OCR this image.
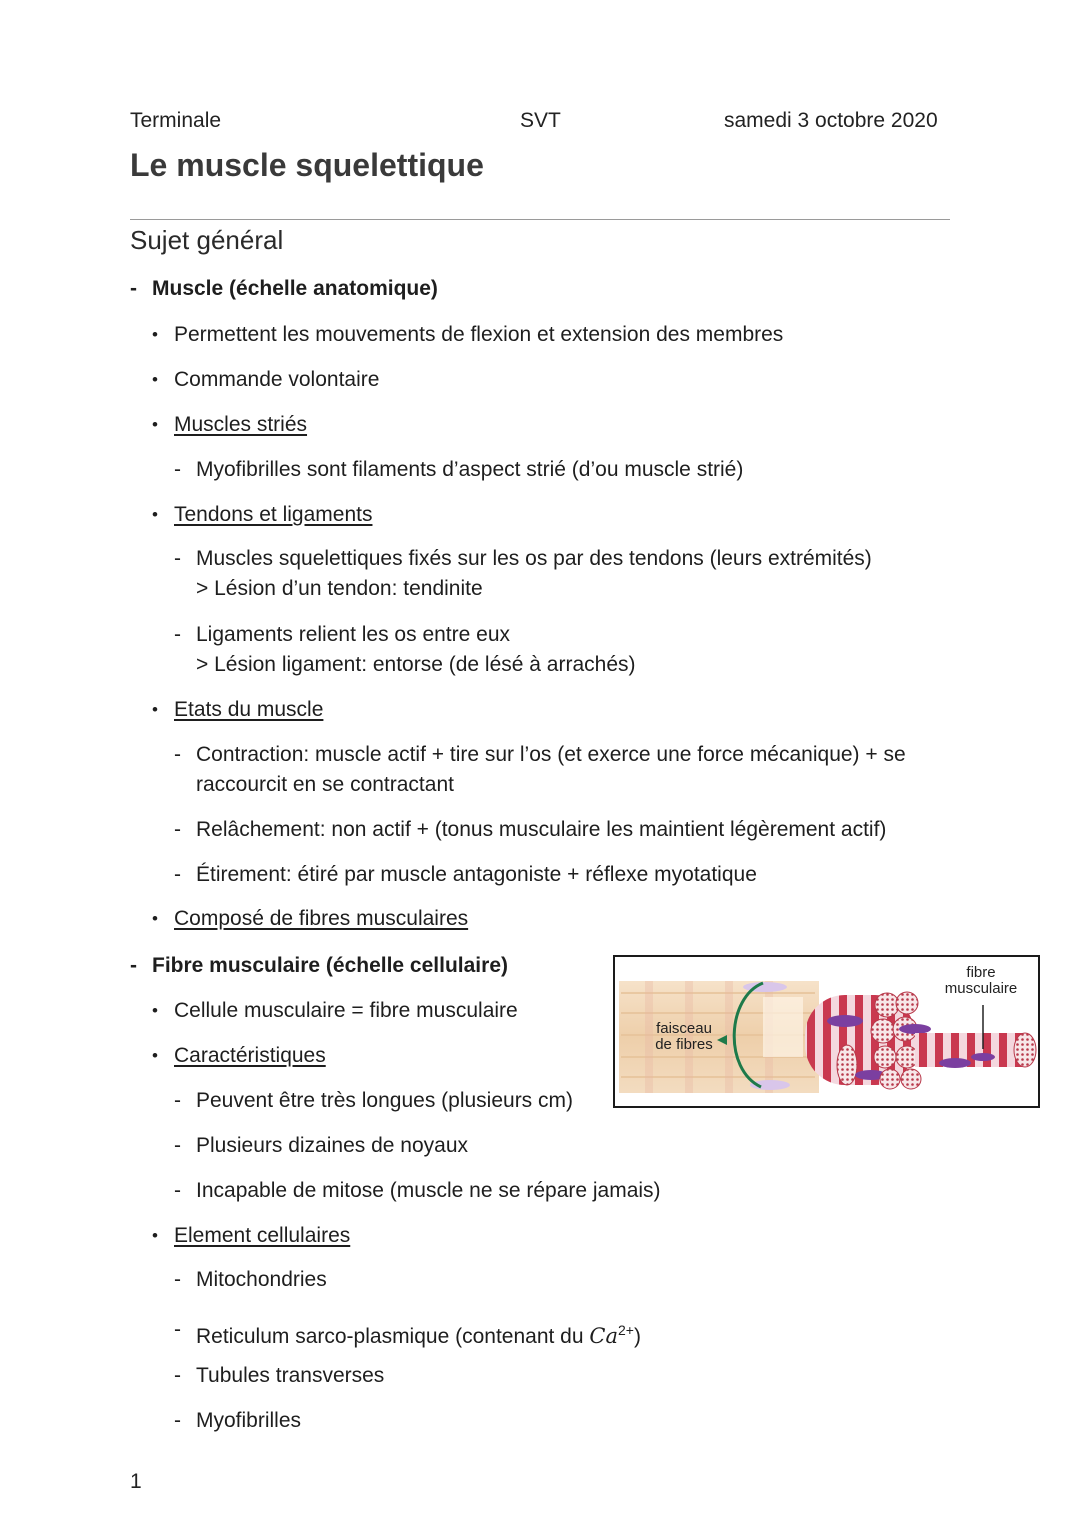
Terminale	SVT	samedi 3 octobre 2020
Le muscle squelettique
Sujet général
- Muscle (échelle anatomique)
• Permettent les mouvements de flexion et extension des membres
• Commande volontaire
• Muscles striés
- Myofibrilles sont filaments d’aspect strié (d’ou muscle strié)
• Tendons et ligaments
- Muscles squelettiques fixés sur les os par des tendons (leurs extrémités)
> Lésion d’un tendon: tendinite
- Ligaments relient les os entre eux
> Lésion ligament: entorse (de lésé à arrachés)
• Etats du muscle
- Contraction: muscle actif + tire sur l’os (et exerce une force mécanique) + se
raccourcit en se contractant
- Relâchement: non actif + (tonus musculaire les maintient légèrement actif)
- Étirement: étiré par muscle antagoniste + réflexe myotatique
• Composé de fibres musculaires
- Fibre musculaire (échelle cellulaire)
• Cellule musculaire = fibre musculaire
• Caractéristiques
- Peuvent être très longues (plusieurs cm)
- Plusieurs dizaines de noyaux
- Incapable de mitose (muscle ne se répare jamais)
• Element cellulaires
- Mitochondries
- Reticulum sarco-plasmique (contenant du $Ca^{2+}$)
- Tubules transverses
- Myofibrilles
faisceau
de fibres
fibre
musculaire
1
